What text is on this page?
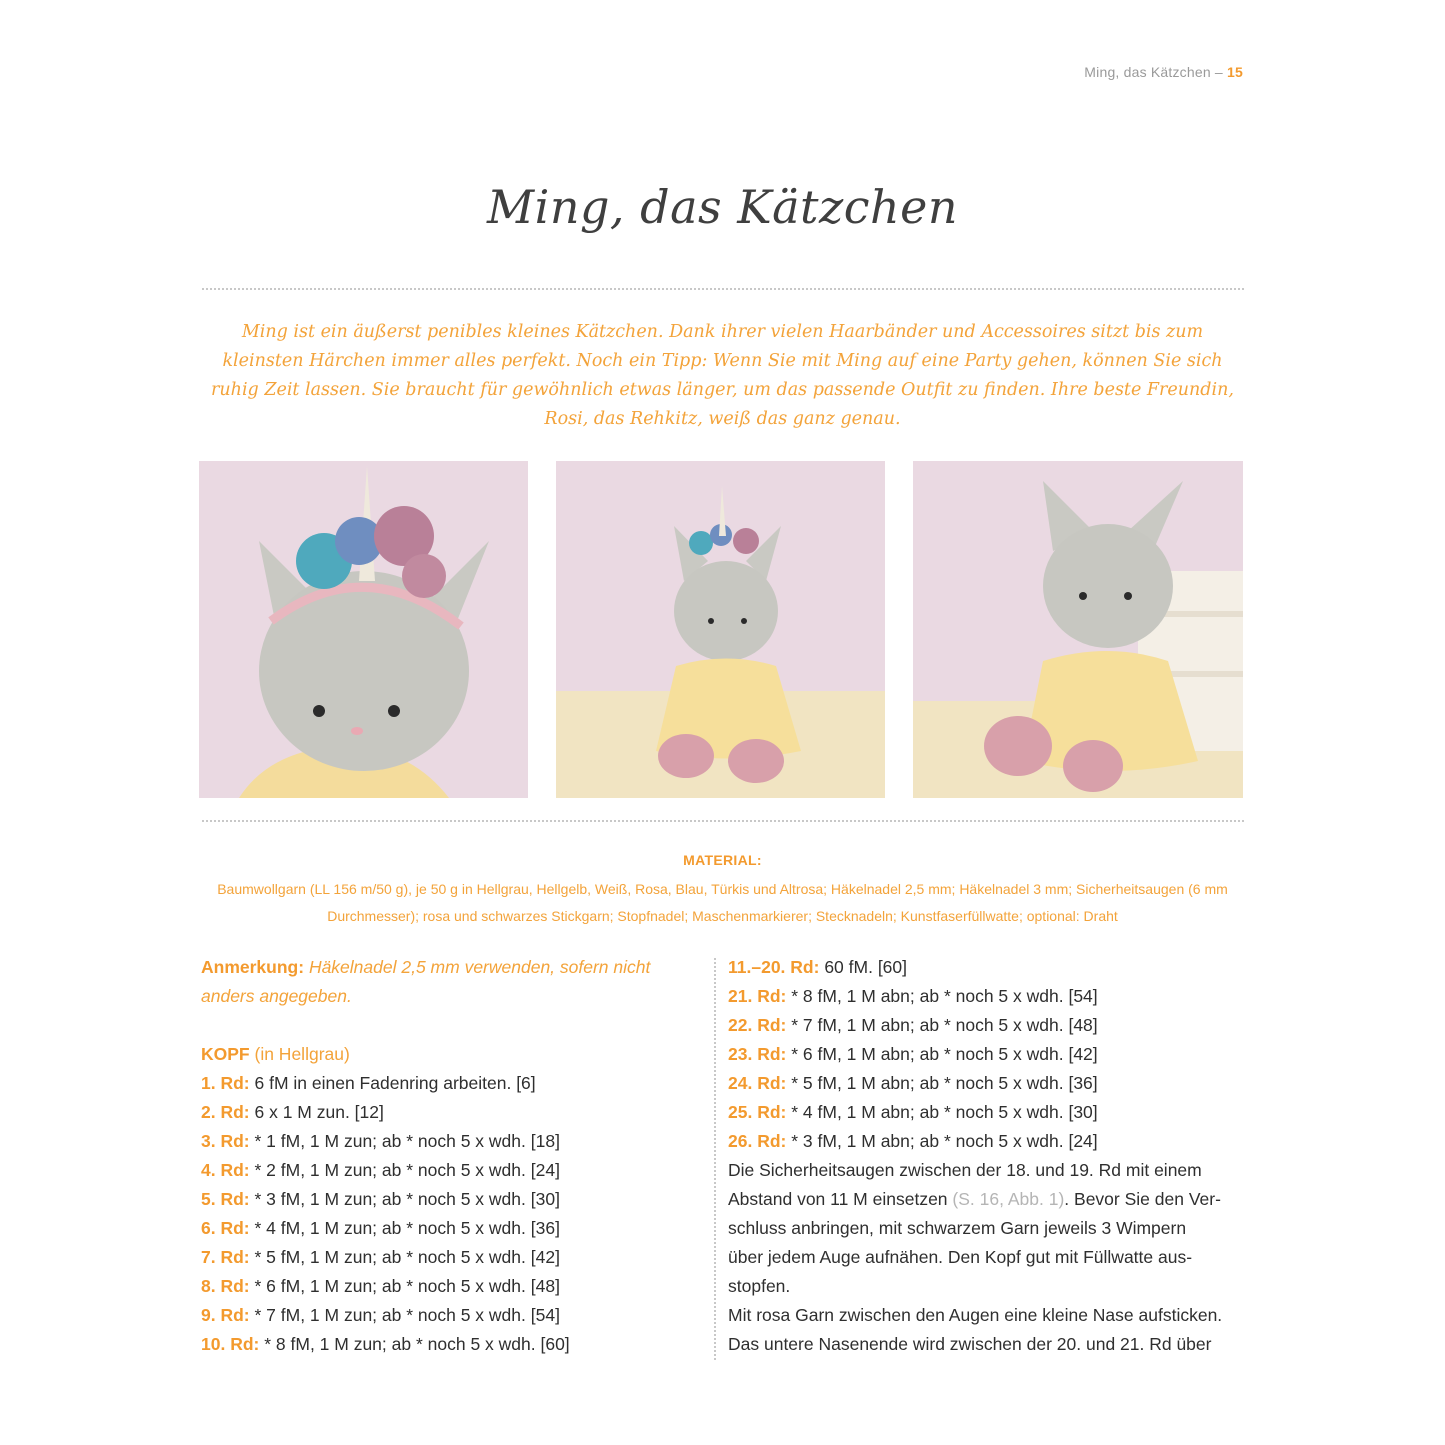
Ming, das Kätzchen – 15
Ming, das Kätzchen
Ming ist ein äußerst penibles kleines Kätzchen. Dank ihrer vielen Haarbänder und Accessoires sitzt bis zum kleinsten Härchen immer alles perfekt. Noch ein Tipp: Wenn Sie mit Ming auf eine Party gehen, können Sie sich ruhig Zeit lassen. Sie braucht für gewöhnlich etwas länger, um das passende Outfit zu finden. Ihre beste Freundin, Rosi, das Rehkitz, weiß das ganz genau.
MATERIAL:
Baumwollgarn (LL 156 m/50 g), je 50 g in Hellgrau, Hellgelb, Weiß, Rosa, Blau, Türkis und Altrosa; Häkelnadel 2,5 mm; Häkelnadel 3 mm; Sicherheitsaugen (6 mm Durchmesser); rosa und schwarzes Stickgarn; Stopfnadel; Maschenmarkierer; Stecknadeln; Kunstfaserfüllwatte; optional: Draht
Anmerkung: Häkelnadel 2,5 mm verwenden, sofern nicht
anders angegeben.
KOPF (in Hellgrau)
1. Rd: 6 fM in einen Fadenring arbeiten. [6]
2. Rd: 6 x 1 M zun. [12]
3. Rd: * 1 fM, 1 M zun; ab * noch 5 x wdh. [18]
4. Rd: * 2 fM, 1 M zun; ab * noch 5 x wdh. [24]
5. Rd: * 3 fM, 1 M zun; ab * noch 5 x wdh. [30]
6. Rd: * 4 fM, 1 M zun; ab * noch 5 x wdh. [36]
7. Rd: * 5 fM, 1 M zun; ab * noch 5 x wdh. [42]
8. Rd: * 6 fM, 1 M zun; ab * noch 5 x wdh. [48]
9. Rd: * 7 fM, 1 M zun; ab * noch 5 x wdh. [54]
10. Rd: * 8 fM, 1 M zun; ab * noch 5 x wdh. [60]
11.–20. Rd: 60 fM. [60]
21. Rd: * 8 fM, 1 M abn; ab * noch 5 x wdh. [54]
22. Rd: * 7 fM, 1 M abn; ab * noch 5 x wdh. [48]
23. Rd: * 6 fM, 1 M abn; ab * noch 5 x wdh. [42]
24. Rd: * 5 fM, 1 M abn; ab * noch 5 x wdh. [36]
25. Rd: * 4 fM, 1 M abn; ab * noch 5 x wdh. [30]
26. Rd: * 3 fM, 1 M abn; ab * noch 5 x wdh. [24]
Die Sicherheitsaugen zwischen der 18. und 19. Rd mit einem
Abstand von 11 M einsetzen (S. 16, Abb. 1). Bevor Sie den Ver-
schluss anbringen, mit schwarzem Garn jeweils 3 Wimpern
über jedem Auge aufnähen. Den Kopf gut mit Füllwatte aus-
stopfen.
Mit rosa Garn zwischen den Augen eine kleine Nase aufsticken.
Das untere Nasenende wird zwischen der 20. und 21. Rd über
